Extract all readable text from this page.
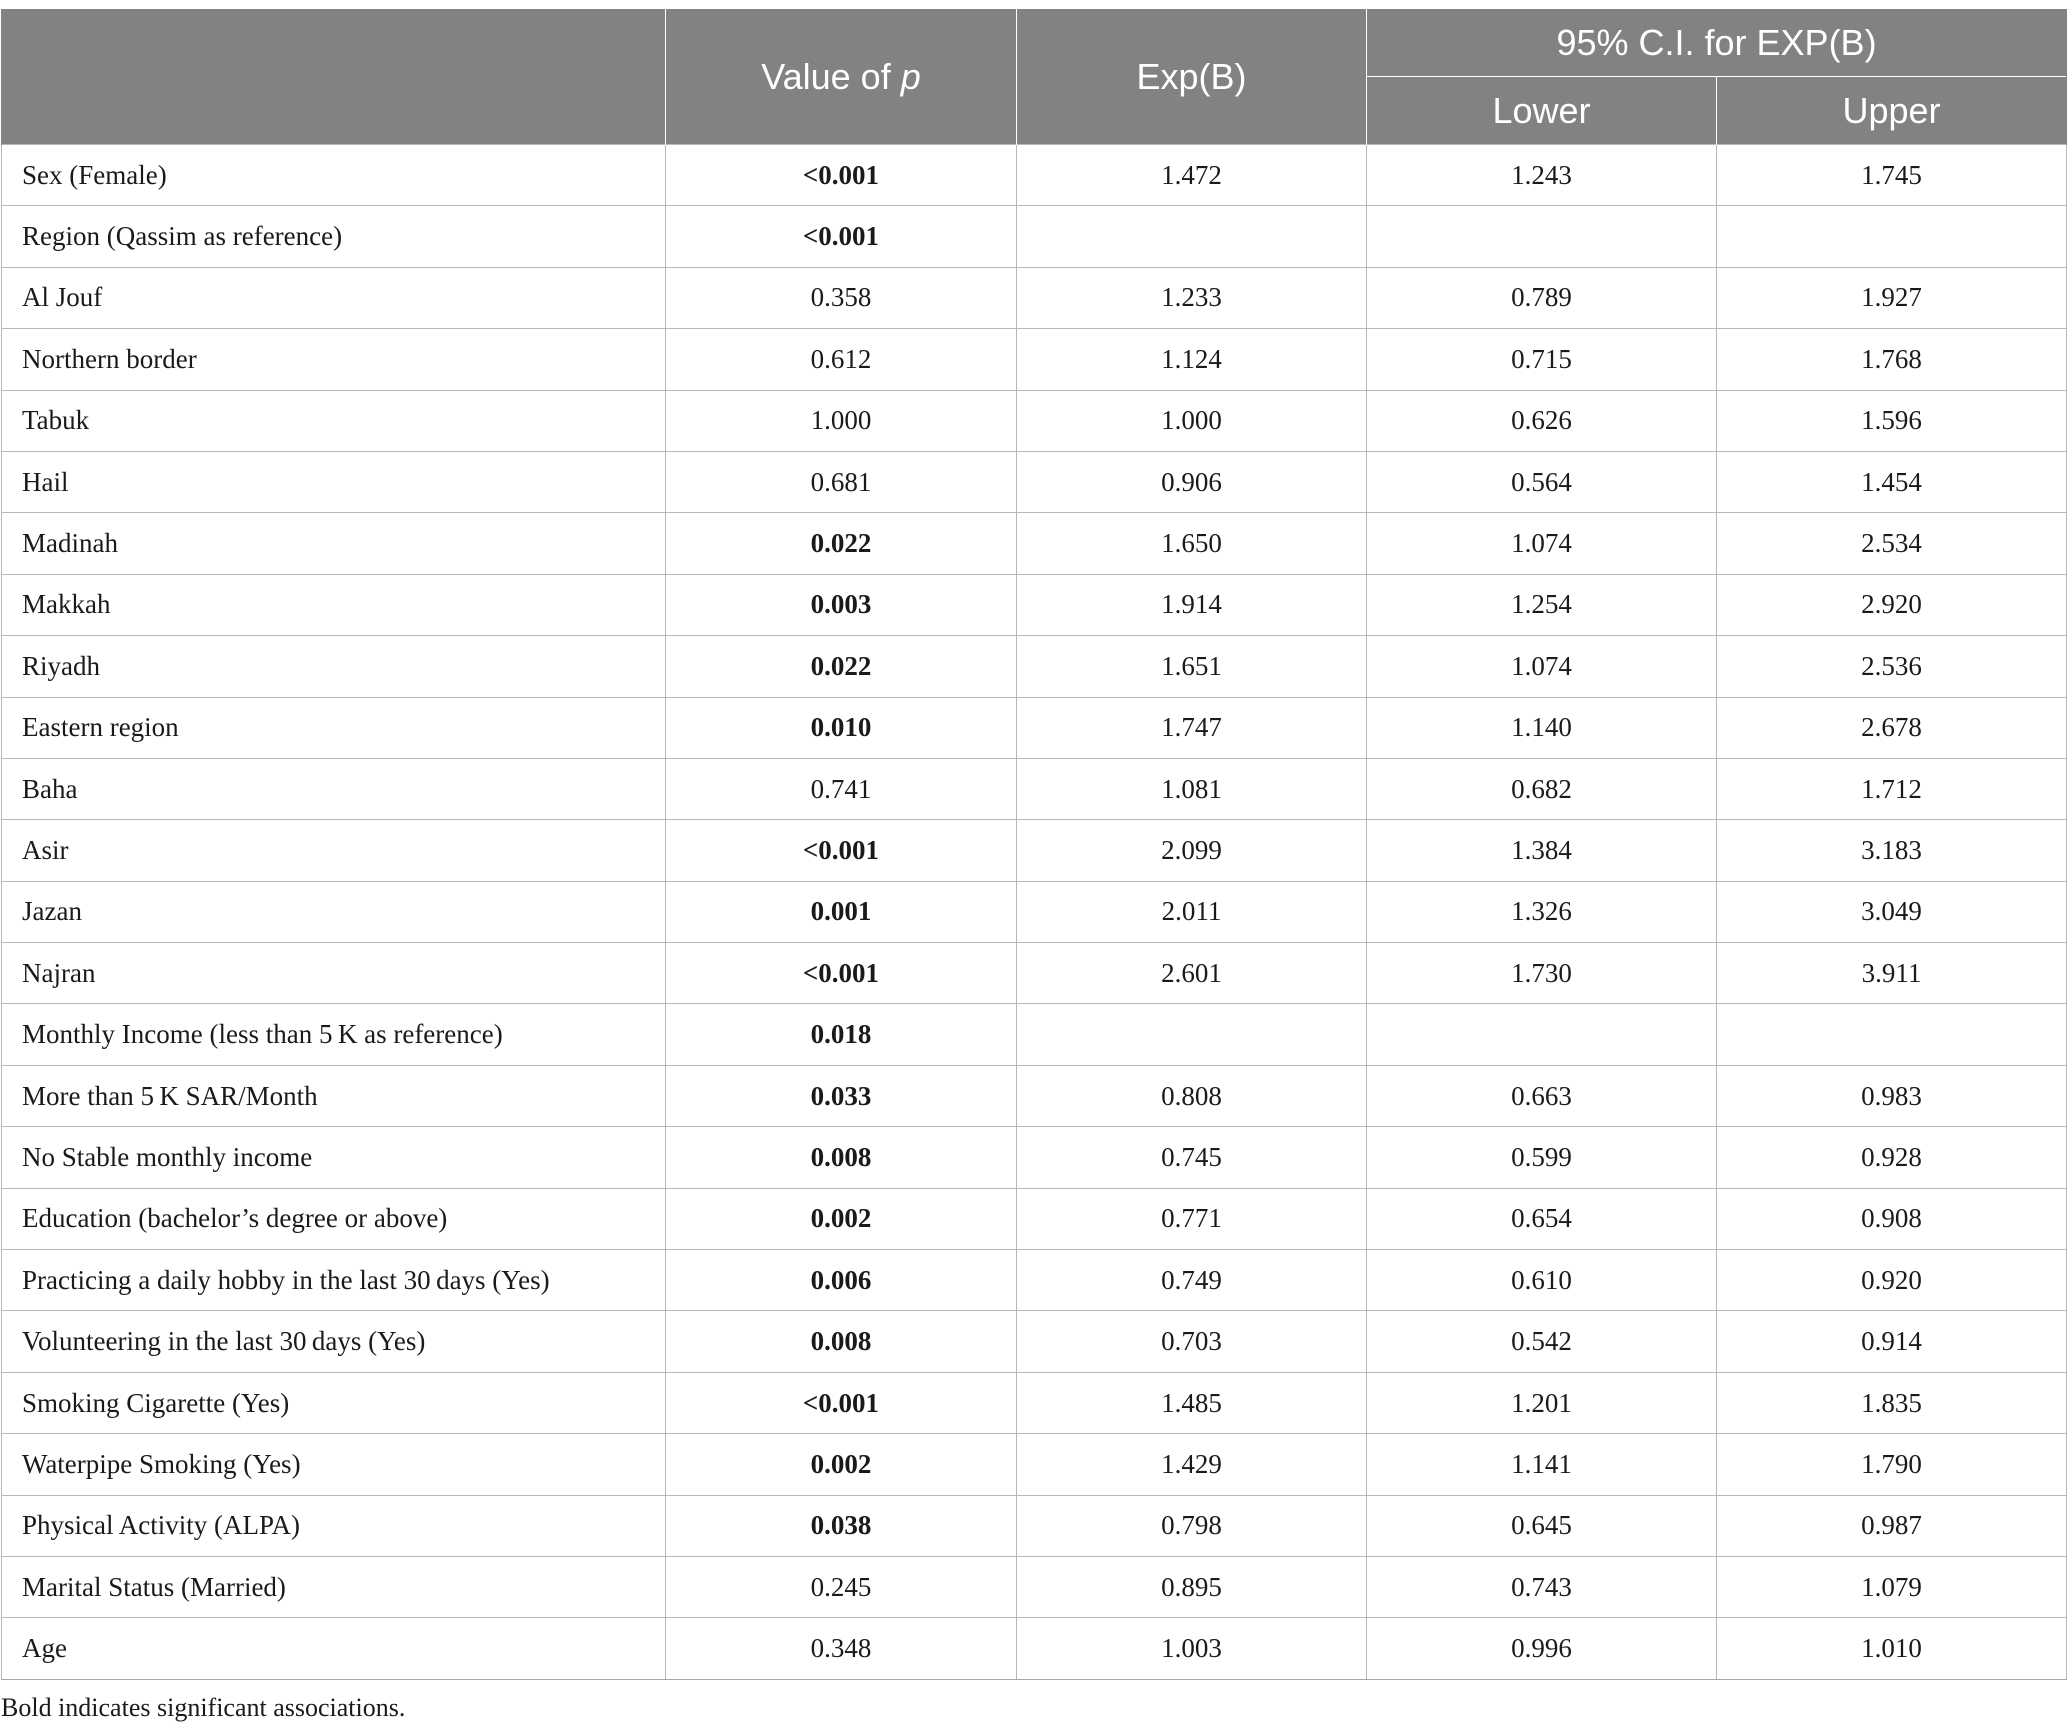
	Value of p	Exp(B)	95% C.I. for EXP(B)	
			Lower	Upper
Sex (Female)	<0.001	1.472	1.243	1.745
Region (Qassim as reference)	<0.001			
Al Jouf	0.358	1.233	0.789	1.927
Northern border	0.612	1.124	0.715	1.768
Tabuk	1.000	1.000	0.626	1.596
Hail	0.681	0.906	0.564	1.454
Madinah	0.022	1.650	1.074	2.534
Makkah	0.003	1.914	1.254	2.920
Riyadh	0.022	1.651	1.074	2.536
Eastern region	0.010	1.747	1.140	2.678
Baha	0.741	1.081	0.682	1.712
Asir	<0.001	2.099	1.384	3.183
Jazan	0.001	2.011	1.326	3.049
Najran	<0.001	2.601	1.730	3.911
Monthly Income (less than 5 K as reference)	0.018			
More than 5 K SAR/Month	0.033	0.808	0.663	0.983
No Stable monthly income	0.008	0.745	0.599	0.928
Education (bachelor’s degree or above)	0.002	0.771	0.654	0.908
Practicing a daily hobby in the last 30 days (Yes)	0.006	0.749	0.610	0.920
Volunteering in the last 30 days (Yes)	0.008	0.703	0.542	0.914
Smoking Cigarette (Yes)	<0.001	1.485	1.201	1.835
Waterpipe Smoking (Yes)	0.002	1.429	1.141	1.790
Physical Activity (ALPA)	0.038	0.798	0.645	0.987
Marital Status (Married)	0.245	0.895	0.743	1.079
Age	0.348	1.003	0.996	1.010
Bold indicates significant associations.
